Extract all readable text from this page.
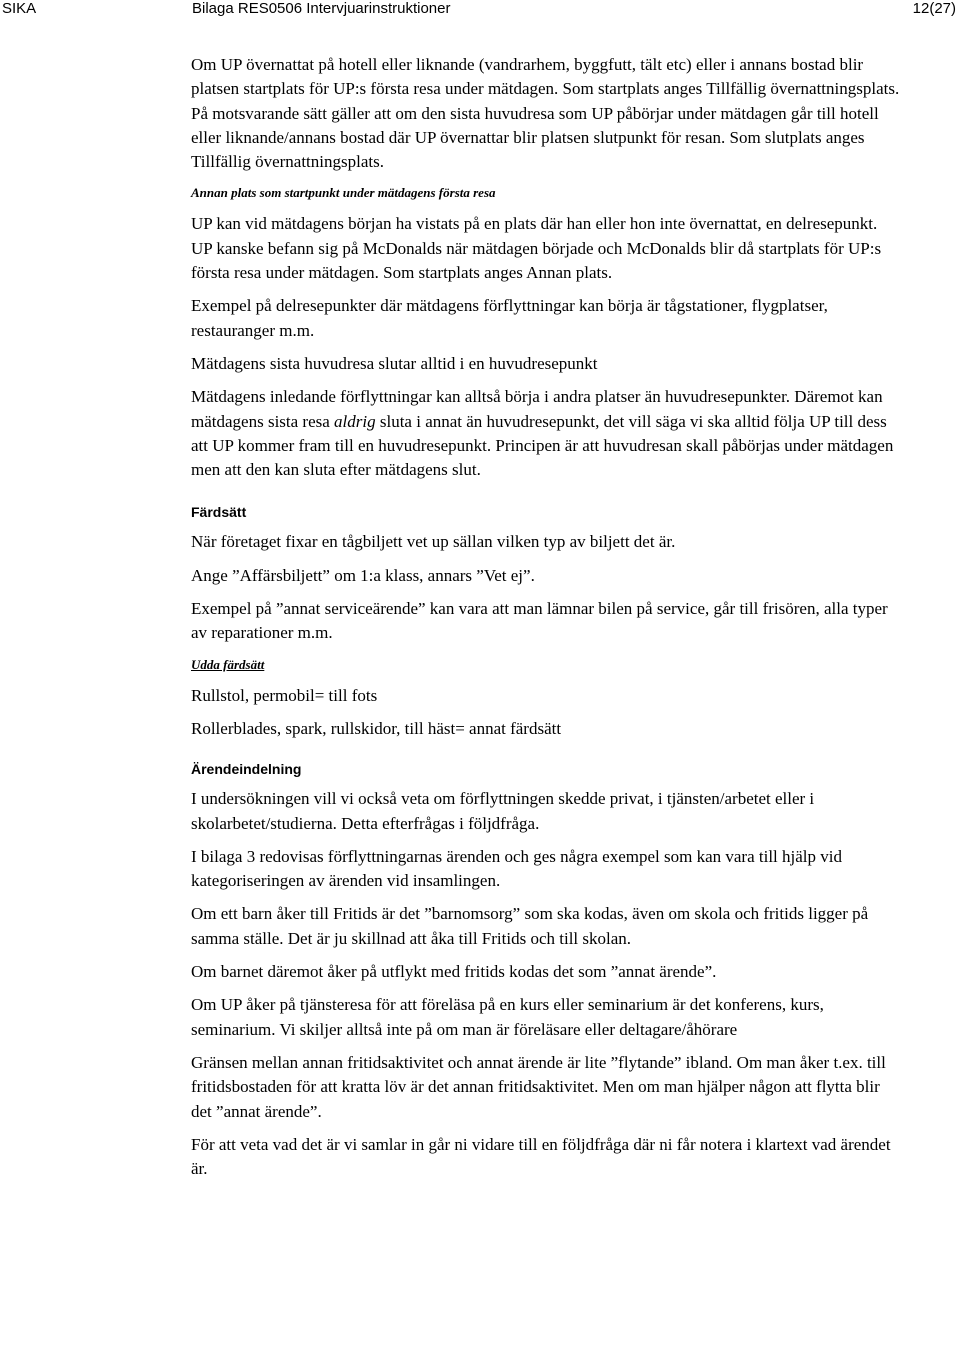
SIKA	Bilaga RES0506 Intervjuarinstruktioner	12(27)

Om UP övernattat på hotell eller liknande (vandrarhem, byggfutt, tält etc) eller i annans bostad blir platsen startplats för UP:s första resa under mätdagen. Som startplats anges Tillfällig övernattningsplats. På motsvarande sätt gäller att om den sista huvudresa som UP påbörjar under mätdagen går till hotell eller liknande/annans bostad där UP övernattar blir platsen slutpunkt för resan. Som slutplats anges Tillfällig övernattningsplats.

Annan plats som startpunkt under mätdagens första resa

UP kan vid mätdagens början ha vistats på en plats där han eller hon inte övernattat, en delresepunkt. UP kanske befann sig på McDonalds när mätdagen började och McDonalds blir då startplats för UP:s första resa under mätdagen. Som startplats anges Annan plats.

Exempel på delresepunkter där mätdagens förflyttningar kan börja är tågstationer, flygplatser, restauranger m.m.

Mätdagens sista huvudresa slutar alltid i en huvudresepunkt

Mätdagens inledande förflyttningar kan alltså börja i andra platser än huvudresepunkter. Däremot kan mätdagens sista resa aldrig sluta i annat än huvudresepunkt, det vill säga vi ska alltid följa UP till dess att UP kommer fram till en huvudresepunkt. Principen är att huvudresan skall påbörjas under mätdagen men att den kan sluta efter mätdagens slut.

Färdsätt

När företaget fixar en tågbiljett vet up sällan vilken typ av biljett det är.

Ange ”Affärsbiljett” om 1:a klass, annars ”Vet ej”.

Exempel på ”annat serviceärende” kan vara att man lämnar bilen på service, går till frisören, alla typer av reparationer m.m.

Udda färdsätt

Rullstol, permobil= till fots

Rollerblades, spark, rullskidor, till häst= annat färdsätt

Ärendeindelning

I undersökningen vill vi också veta om förflyttningen skedde privat, i tjänsten/arbetet eller i skolarbetet/studierna. Detta efterfrågas i följdfråga.

I bilaga 3 redovisas förflyttningarnas ärenden och ges några exempel som kan vara till hjälp vid kategoriseringen av ärenden vid insamlingen.

Om ett barn åker till Fritids är det ”barnomsorg” som ska kodas, även om skola och fritids ligger på samma ställe. Det är ju skillnad att åka till Fritids och till skolan.

Om barnet däremot åker på utflykt med fritids kodas det som ”annat ärende”.

Om UP åker på tjänsteresa för att föreläsa på en kurs eller seminarium är det konferens, kurs, seminarium. Vi skiljer alltså inte på om man är föreläsare eller deltagare/åhörare

Gränsen mellan annan fritidsaktivitet och annat ärende är lite ”flytande” ibland. Om man åker t.ex. till fritidsbostaden för att kratta löv är det annan fritidsaktivitet. Men om man hjälper någon att flytta blir det ”annat ärende”.

För att veta vad det är vi samlar in går ni vidare till en följdfråga där ni får notera i klartext vad ärendet är.
